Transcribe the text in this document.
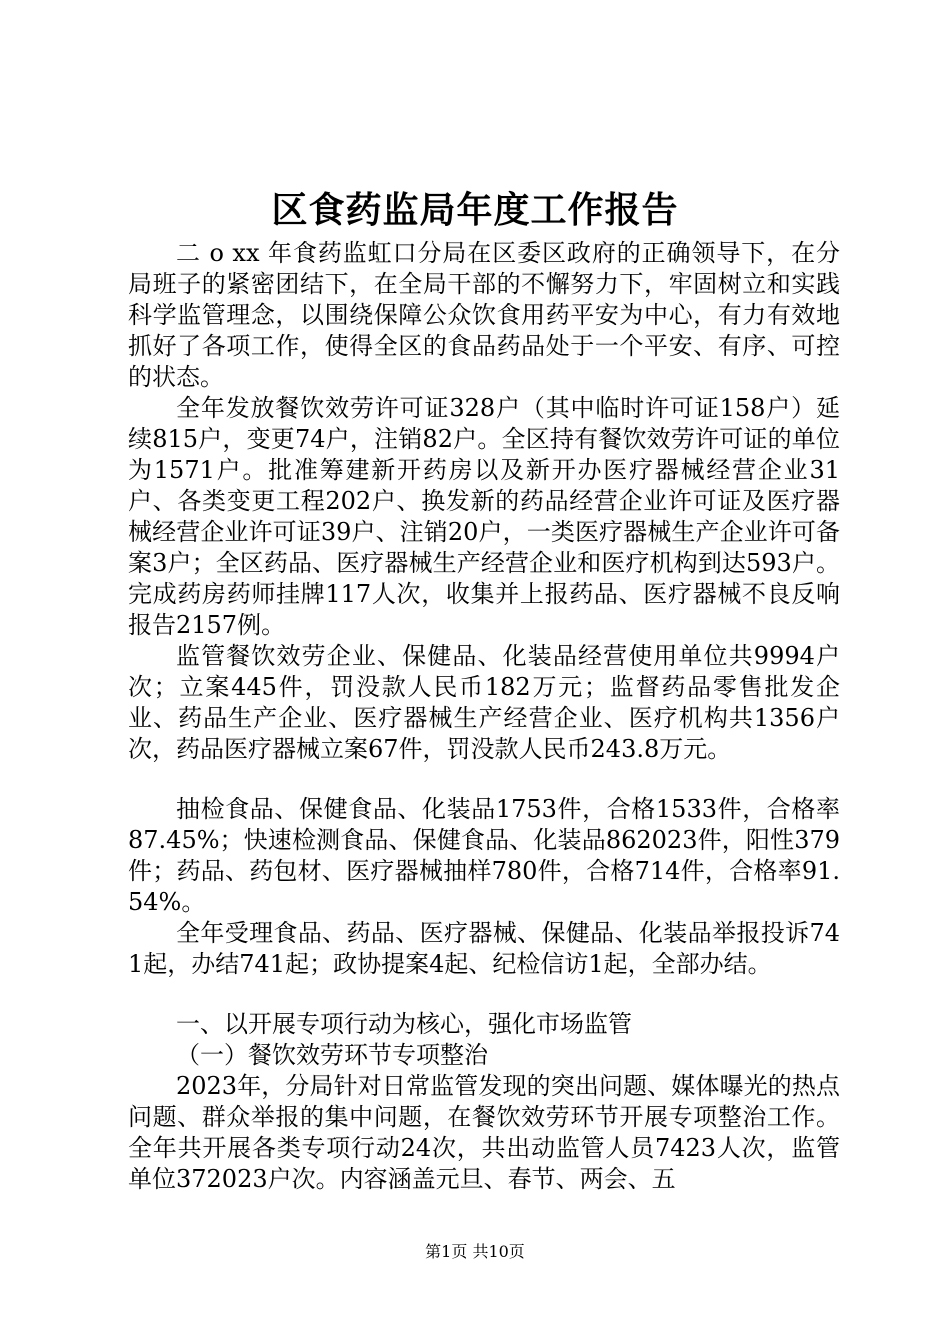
区食药监局年度工作报告

二 o xx 年食药监虹口分局在区委区政府的正确领导下，在分局班子的紧密团结下，在全局干部的不懈努力下，牢固树立和实践科学监管理念，以围绕保障公众饮食用药平安为中心，有力有效地抓好了各项工作，使得全区的食品药品处于一个平安、有序、可控的状态。

全年发放餐饮效劳许可证328户（其中临时许可证158户）延续815户，变更74户，注销82户。全区持有餐饮效劳许可证的单位为1571户。批准筹建新开药房以及新开办医疗器械经营企业31户、各类变更工程202户、换发新的药品经营企业许可证及医疗器械经营企业许可证39户、注销20户，一类医疗器械生产企业许可备案3户；全区药品、医疗器械生产经营企业和医疗机构到达593户。完成药房药师挂牌117人次，收集并上报药品、医疗器械不良反响报告2157例。

监管餐饮效劳企业、保健品、化装品经营使用单位共9994户次；立案445件，罚没款人民币182万元；监督药品零售批发企业、药品生产企业、医疗器械生产经营企业、医疗机构共1356户次，药品医疗器械立案67件，罚没款人民币243.8万元。

抽检食品、保健食品、化装品1753件，合格1533件，合格率87.45%；快速检测食品、保健食品、化装品862023件，阳性379件；药品、药包材、医疗器械抽样780件，合格714件，合格率91.54%。

全年受理食品、药品、医疗器械、保健品、化装品举报投诉741起，办结741起；政协提案4起、纪检信访1起，全部办结。

一、以开展专项行动为核心，强化市场监管

（一）餐饮效劳环节专项整治

2023年，分局针对日常监管发现的突出问题、媒体曝光的热点问题、群众举报的集中问题，在餐饮效劳环节开展专项整治工作。全年共开展各类专项行动24次，共出动监管人员7423人次，监管单位372023户次。内容涵盖元旦、春节、两会、五

第1页 共10页
